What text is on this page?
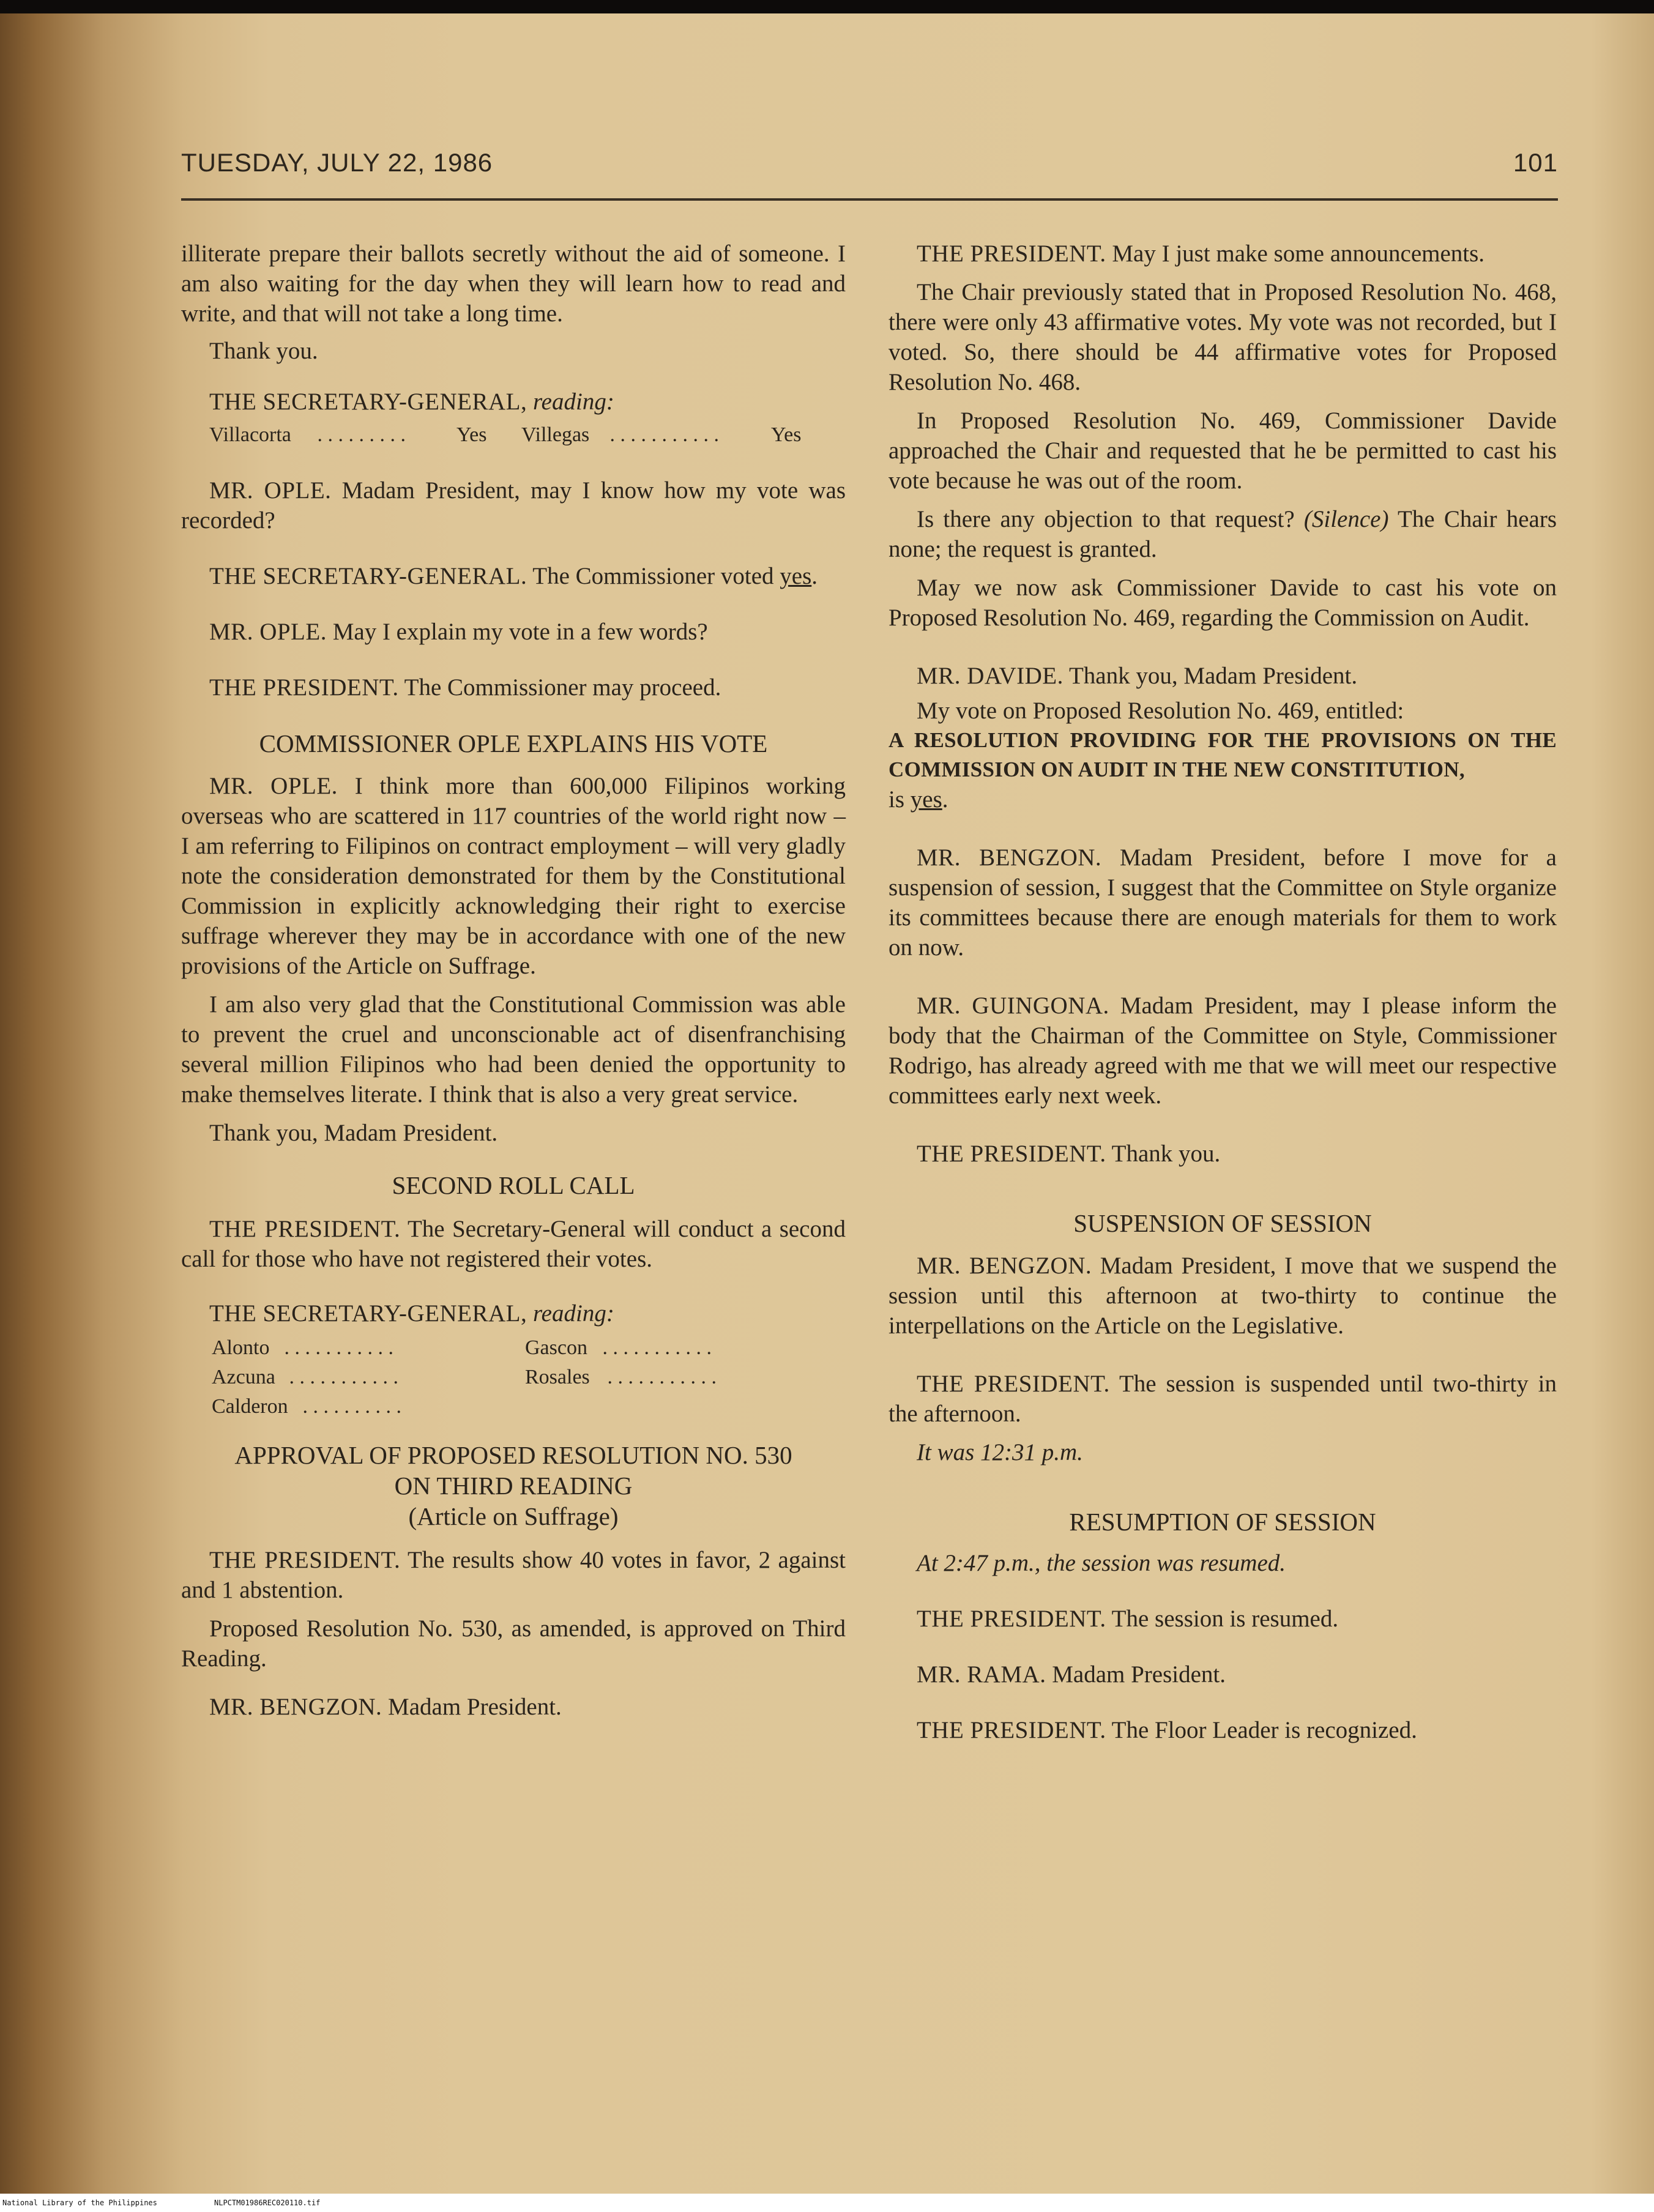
TUESDAY, JULY 22, 1986	101

illiterate prepare their ballots secretly without the aid of someone. I am also waiting for the day when they will learn how to read and write, and that will not take a long time.

Thank you.

THE SECRETARY-GENERAL, reading:

Villacorta . . . . . . . . . Yes Villegas . . . . . . . . . . .	Yes

MR. OPLE. Madam President, may I know how my vote was recorded?

THE SECRETARY-GENERAL. The Commissioner voted yes.

MR. OPLE. May I explain my vote in a few words?

THE PRESIDENT. The Commissioner may proceed.

COMMISSIONER OPLE EXPLAINS HIS VOTE

MR. OPLE. I think more than 600,000 Filipinos working overseas who are scattered in 117 countries of the world right now – I am referring to Filipinos on contract employment – will very gladly note the consideration demonstrated for them by the Constitutional Commission in explicitly acknowledging their right to exercise suffrage wherever they may be in accordance with one of the new provisions of the Article on Suffrage.

I am also very glad that the Constitutional Commission was able to prevent the cruel and unconscionable act of disenfranchising several million Filipinos who had been denied the opportunity to make themselves literate. I think that is also a very great service.

Thank you, Madam President.

SECOND ROLL CALL

THE PRESIDENT. The Secretary-General will conduct a second call for those who have not registered their votes.

THE SECRETARY-GENERAL, reading:

Alonto . . . . . . . . . . .	Gascon . . . . . . . . . . .
Azcuna . . . . . . . . . . .	Rosales . . . . . . . . . . .
Calderon . . . . . . . . . .

APPROVAL OF PROPOSED RESOLUTION NO. 530

ON THIRD READING

(Article on Suffrage)

THE PRESIDENT. The results show 40 votes in favor, 2 against and 1 abstention.

Proposed Resolution No. 530, as amended, is approved on Third Reading.

MR. BENGZON. Madam President.

THE PRESIDENT. May I just make some announcements.

The Chair previously stated that in Proposed Resolution No. 468, there were only 43 affirmative votes. My vote was not recorded, but I voted. So, there should be 44 affirmative votes for Proposed Resolution No. 468.

In Proposed Resolution No. 469, Commissioner Davide approached the Chair and requested that he be permitted to cast his vote because he was out of the room.

Is there any objection to that request? (Silence) The Chair hears none; the request is granted.

May we now ask Commissioner Davide to cast his vote on Proposed Resolution No. 469, regarding the Commission on Audit.

MR. DAVIDE. Thank you, Madam President.

My vote on Proposed Resolution No. 469, entitled:

A RESOLUTION PROVIDING FOR THE PROVISIONS ON THE COMMISSION ON AUDIT IN THE NEW CONSTITUTION,

is yes.

MR. BENGZON. Madam President, before I move for a suspension of session, I suggest that the Committee on Style organize its committees because there are enough materials for them to work on now.

MR. GUINGONA. Madam President, may I please inform the body that the Chairman of the Committee on Style, Commissioner Rodrigo, has already agreed with me that we will meet our respective committees early next week.

THE PRESIDENT. Thank you.

SUSPENSION OF SESSION

MR. BENGZON. Madam President, I move that we suspend the session until this afternoon at two-thirty to continue the interpellations on the Article on the Legislative.

THE PRESIDENT. The session is suspended until two-thirty in the afternoon.

It was 12:31 p.m.

RESUMPTION OF SESSION

At 2:47 p.m., the session was resumed.

THE PRESIDENT. The session is resumed.

MR. RAMA. Madam President.

THE PRESIDENT. The Floor Leader is recognized.

National Library of the Philippines	NLPCTM01986REC020110.tif
